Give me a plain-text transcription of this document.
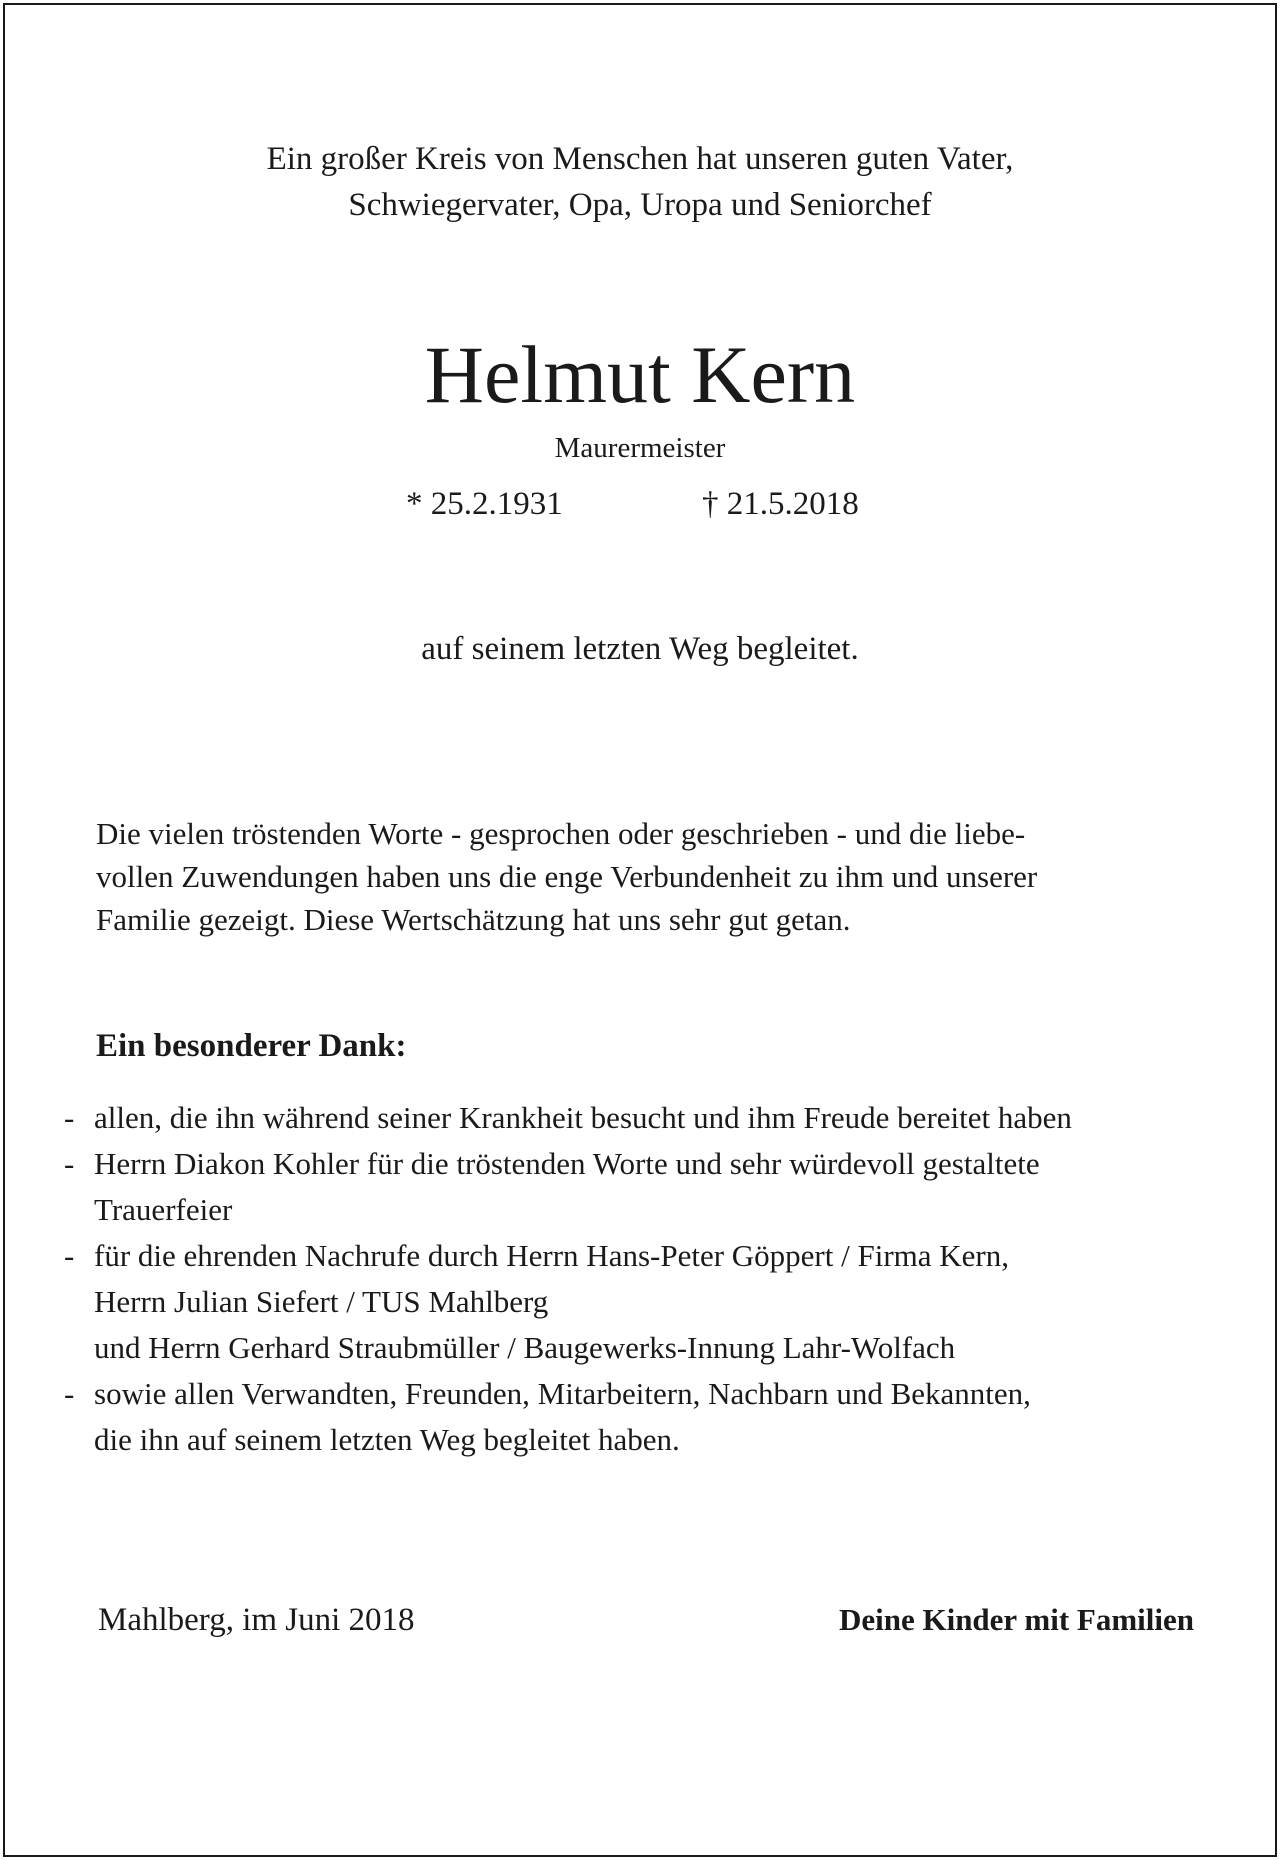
Ein großer Kreis von Menschen hat unseren guten Vater,
Schwiegervater, Opa, Uropa und Seniorchef
Helmut Kern
Maurermeister
* 25.2.1931	† 21.5.2018
auf seinem letzten Weg begleitet.
Die vielen tröstenden Worte - gesprochen oder geschrieben - und die liebe-
vollen Zuwendungen haben uns die enge Verbundenheit zu ihm und unserer
Familie gezeigt. Diese Wertschätzung hat uns sehr gut getan.
Ein besonderer Dank:
- allen, die ihn während seiner Krankheit besucht und ihm Freude bereitet haben
- Herrn Diakon Kohler für die tröstenden Worte und sehr würdevoll gestaltete
Trauerfeier
- für die ehrenden Nachrufe durch Herrn Hans-Peter Göppert / Firma Kern,
Herrn Julian Siefert / TUS Mahlberg
und Herrn Gerhard Straubmüller / Baugewerks-Innung Lahr-Wolfach
- sowie allen Verwandten, Freunden, Mitarbeitern, Nachbarn und Bekannten,
die ihn auf seinem letzten Weg begleitet haben.
Mahlberg, im Juni 2018	Deine Kinder mit Familien
